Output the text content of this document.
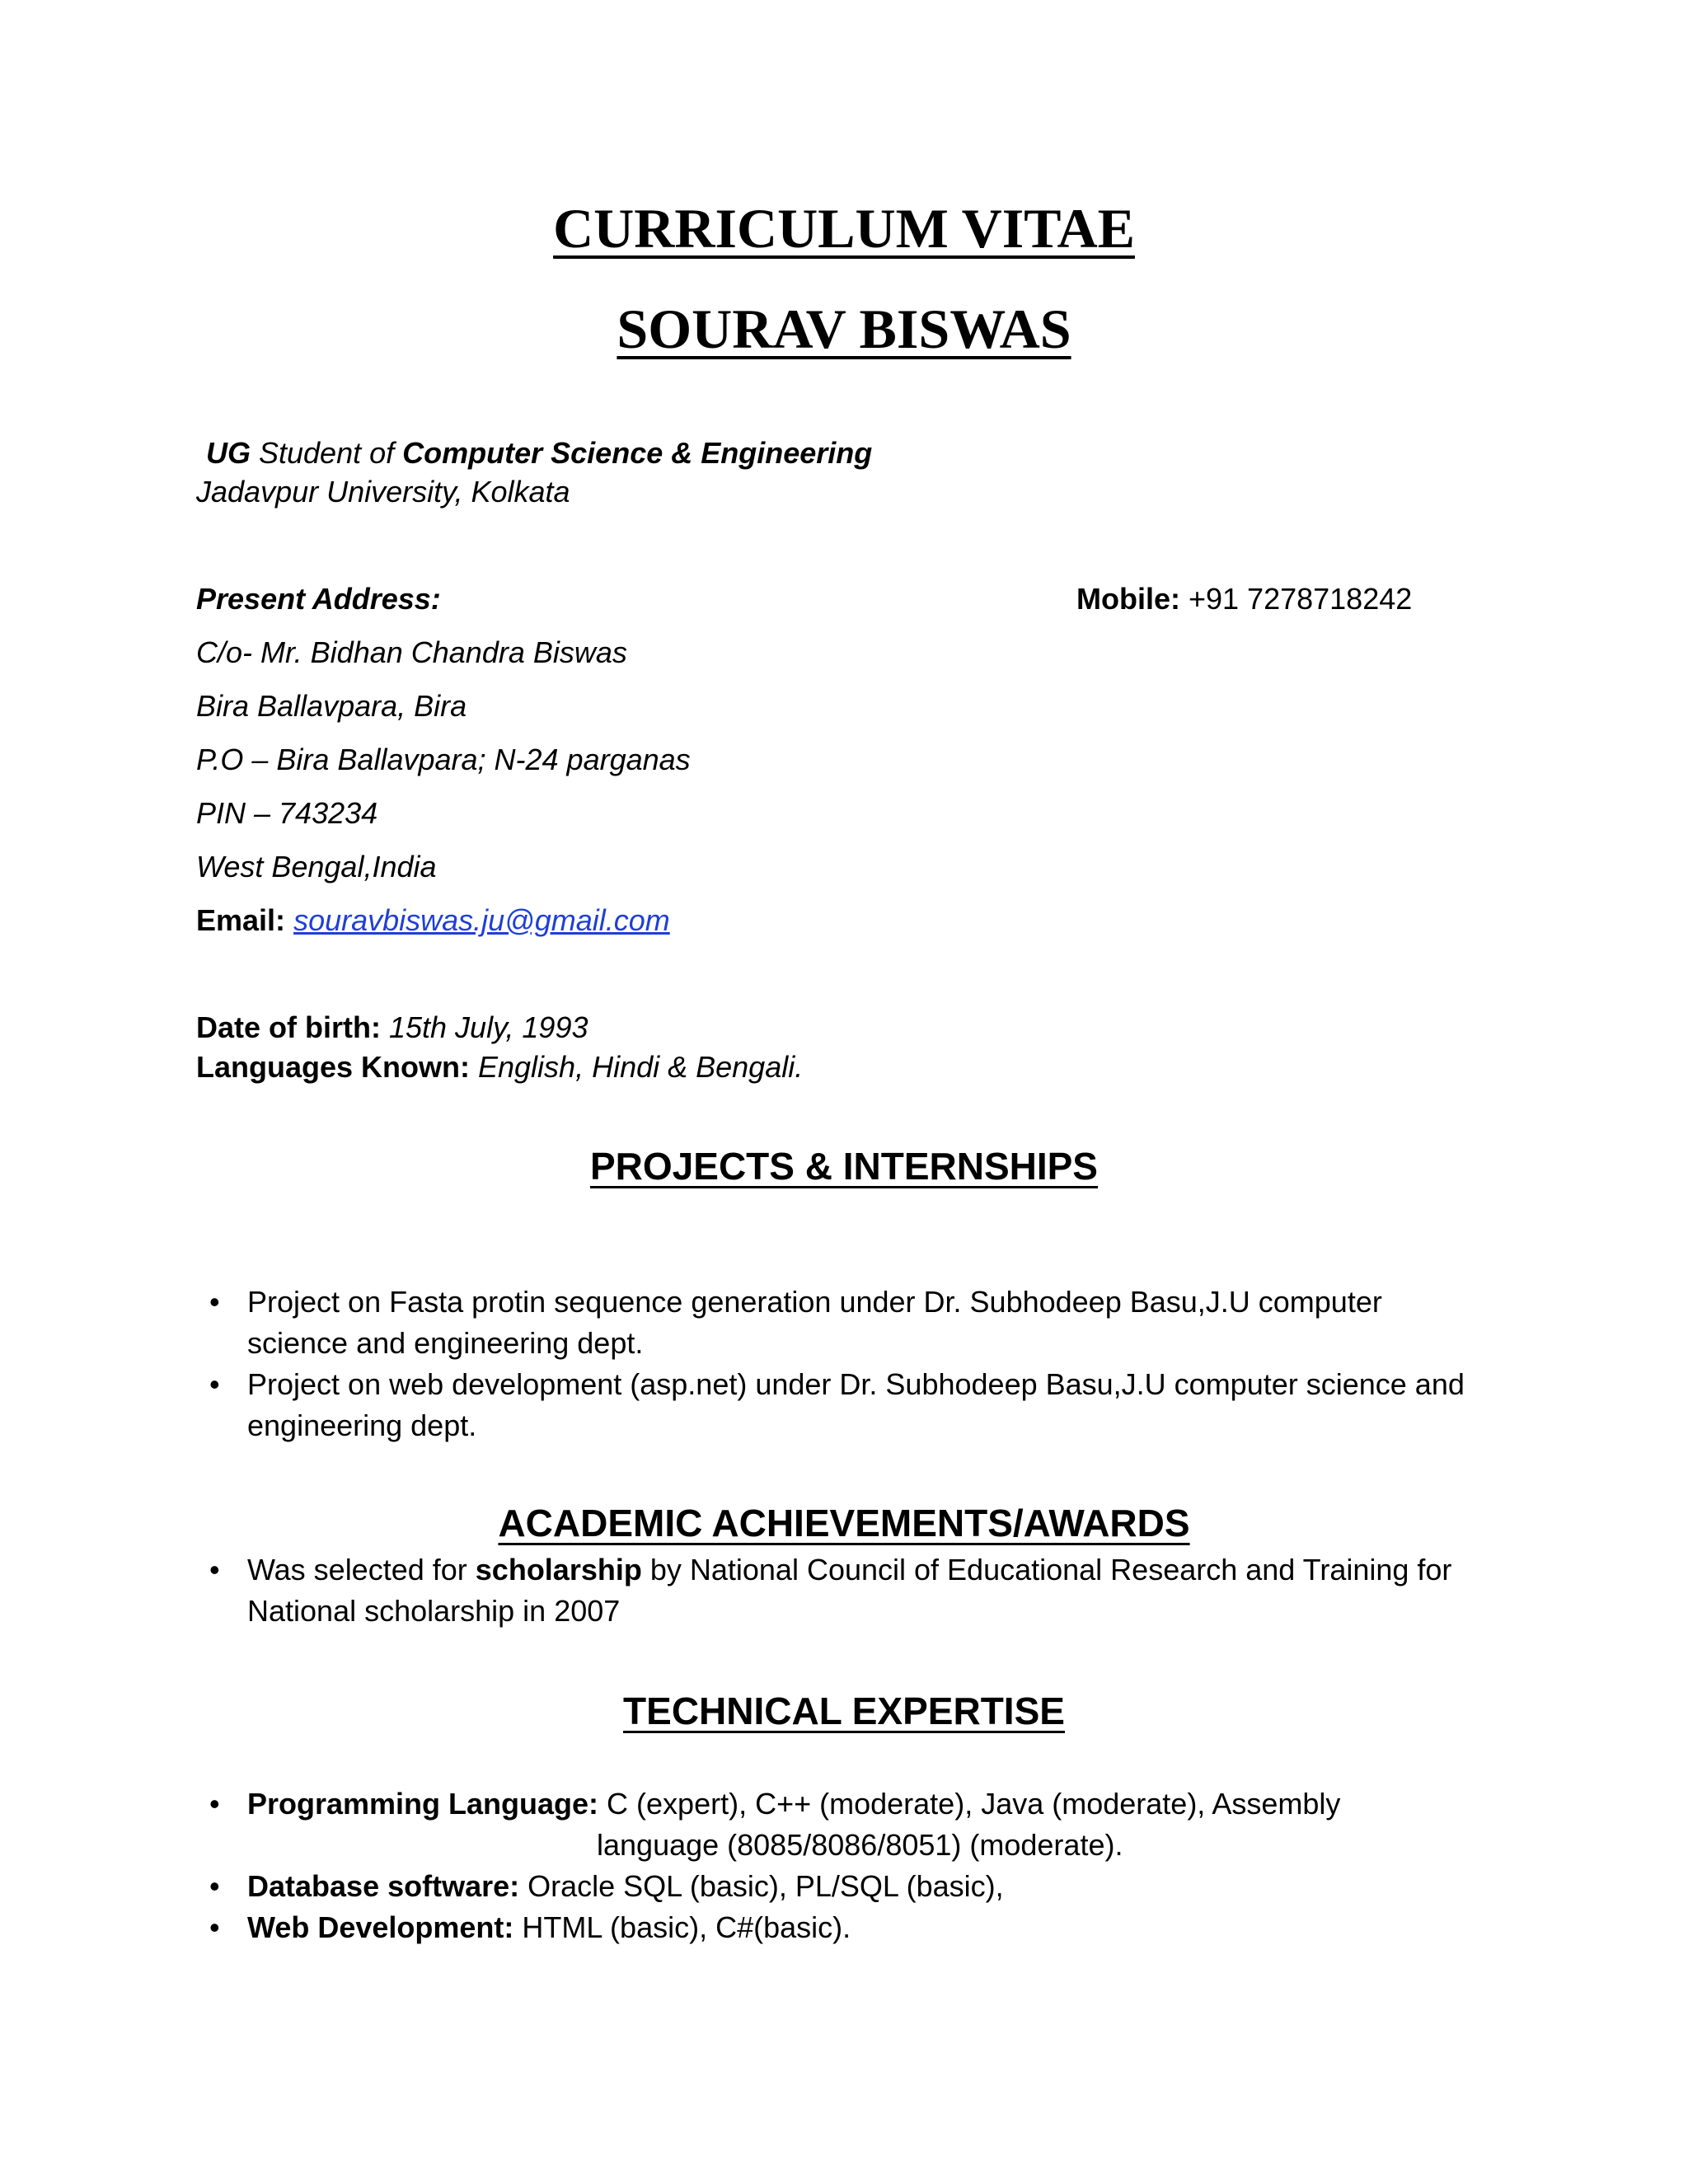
CURRICULUM VITAE
SOURAV BISWAS
UG Student of Computer Science & Engineering
Jadavpur University, Kolkata
Present Address:	Mobile: +91 7278718242
C/o- Mr. Bidhan Chandra Biswas
Bira Ballavpara, Bira
P.O – Bira Ballavpara; N-24 parganas
PIN – 743234
West Bengal,India
Email: souravbiswas.ju@gmail.com
Date of birth: 15th July, 1993
Languages Known: English, Hindi & Bengali.
PROJECTS & INTERNSHIPS
• Project on Fasta protin sequence generation under Dr. Subhodeep Basu,J.U computer science and engineering dept.
• Project on web development (asp.net) under Dr. Subhodeep Basu,J.U computer science and engineering dept.
ACADEMIC ACHIEVEMENTS/AWARDS
• Was selected for scholarship by National Council of Educational Research and Training for National scholarship in 2007
TECHNICAL EXPERTISE
• Programming Language: C (expert), C++ (moderate), Java (moderate), Assembly
language (8085/8086/8051) (moderate).
• Database software: Oracle SQL (basic), PL/SQL (basic),
• Web Development: HTML (basic), C#(basic).
